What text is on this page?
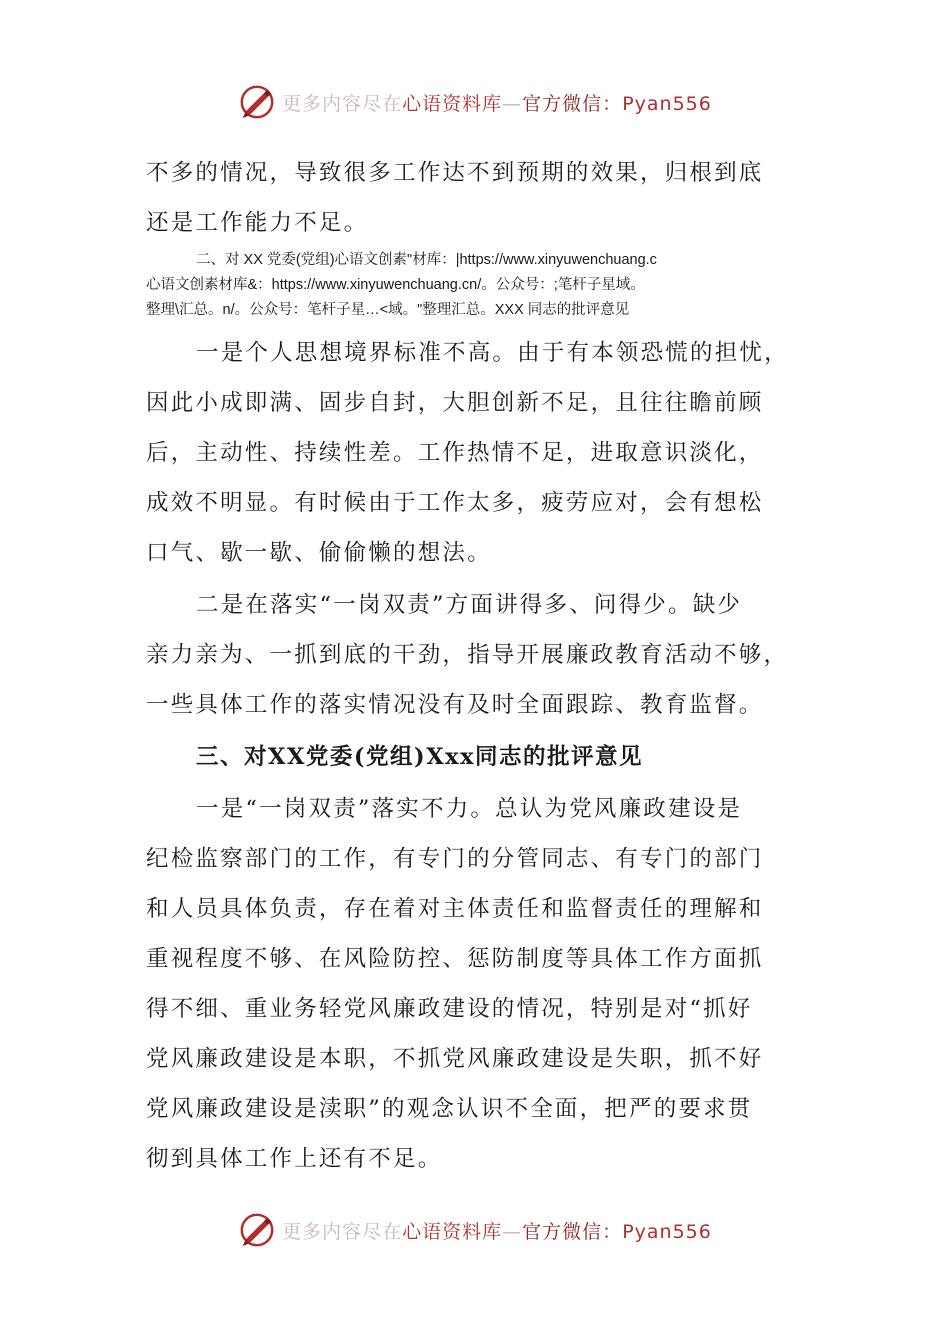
更多内容尽在心语资料库—官方微信：Pyan556
不多的情况，导致很多工作达不到预期的效果，归根到底
还是工作能力不足。
二、对 XX 党委(党组)心语文创素"材库：|https://www.xinyuwenchuang.c
心语文创素材库&：https://www.xinyuwenchuang.cn/。公众号：;笔杆子星域。
整理\汇总。n/。公众号：笔杆子星…<域。"整理汇总。XXX 同志的批评意见
一是个人思想境界标准不高。由于有本领恐慌的担忧，
因此小成即满、固步自封，大胆创新不足，且往往瞻前顾
后，主动性、持续性差。工作热情不足，进取意识淡化，
成效不明显。有时候由于工作太多，疲劳应对，会有想松
口气、歇一歇、偷偷懒的想法。
二是在落实“一岗双责”方面讲得多、问得少。缺少
亲力亲为、一抓到底的干劲，指导开展廉政教育活动不够，
一些具体工作的落实情况没有及时全面跟踪、教育监督。
三、对XX党委(党组)Xxx同志的批评意见
一是“一岗双责”落实不力。总认为党风廉政建设是
纪检监察部门的工作，有专门的分管同志、有专门的部门
和人员具体负责，存在着对主体责任和监督责任的理解和
重视程度不够、在风险防控、惩防制度等具体工作方面抓
得不细、重业务轻党风廉政建设的情况，特别是对“抓好
党风廉政建设是本职，不抓党风廉政建设是失职，抓不好
党风廉政建设是渎职”的观念认识不全面，把严的要求贯
彻到具体工作上还有不足。
更多内容尽在心语资料库—官方微信：Pyan556
